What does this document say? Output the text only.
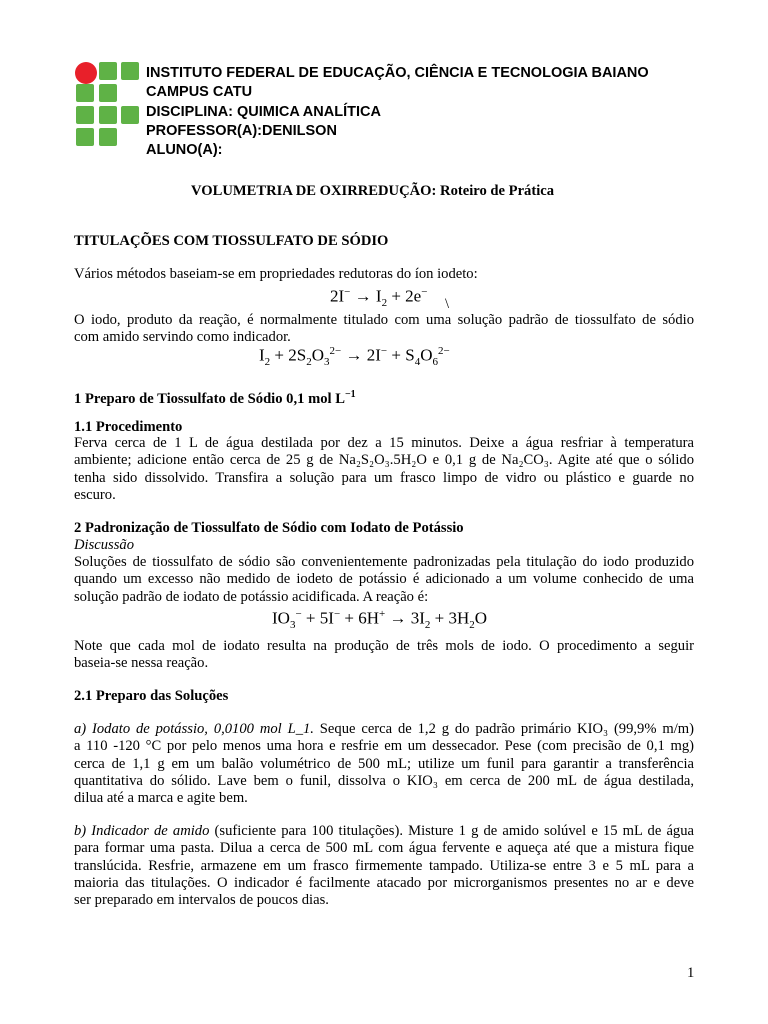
INSTITUTO FEDERAL DE EDUCAÇÃO, CIÊNCIA E TECNOLOGIA BAIANO
CAMPUS CATU
DISCIPLINA: QUIMICA ANALÍTICA
PROFESSOR(A):DENILSON
ALUNO(A):
VOLUMETRIA DE OXIRREDUÇÃO: Roteiro de Prática
TITULAÇÕES COM TIOSSULFATO DE SÓDIO
Vários métodos baseiam-se em propriedades redutoras do íon iodeto:
$2I^- \to I_2 + 2e^-$
\
O iodo, produto da reação, é normalmente titulado com uma solução padrão de tiossulfato de sódio
com amido servindo como indicador.
$I_2 + 2S_2O_3^{2-} \to 2I^- + S_4O_6^{2-}$
1 Preparo de Tiossulfato de Sódio 0,1 mol $L^{-1}$
1.1 Procedimento
Ferva cerca de 1 L de água destilada por dez a 15 minutos. Deixe a água resfriar à temperatura
ambiente; adicione então cerca de 25 g de Na₂S₂O₃.5H₂O e 0,1 g de Na₂CO₃. Agite até que o sólido
tenha sido dissolvido. Transfira a solução para um frasco limpo de vidro ou plástico e guarde no
escuro.
2 Padronização de Tiossulfato de Sódio com Iodato de Potássio
Discussão
Soluções de tiossulfato de sódio são convenientemente padronizadas pela titulação do iodo produzido
quando um excesso não medido de iodeto de potássio é adicionado a um volume conhecido de uma
solução padrão de iodato de potássio acidificada. A reação é:
$IO_3^- + 5I^- + 6H^+ \to 3I_2 + 3H_2O$
Note que cada mol de iodato resulta na produção de três mols de iodo. O procedimento a seguir
baseia-se nessa reação.
2.1 Preparo das Soluções
a) Iodato de potássio, 0,0100 mol L_1. Seque cerca de 1,2 g do padrão primário KIO₃ (99,9% m/m)
a 110 -120 °C por pelo menos uma hora e resfrie em um dessecador. Pese (com precisão de 0,1 mg)
cerca de 1,1 g em um balão volumétrico de 500 mL; utilize um funil para garantir a transferência
quantitativa do sólido. Lave bem o funil, dissolva o KIO₃ em cerca de 200 mL de água destilada,
dilua até a marca e agite bem.
b) Indicador de amido (suficiente para 100 titulações). Misture 1 g de amido solúvel e 15 mL de água
para formar uma pasta. Dilua a cerca de 500 mL com água fervente e aqueça até que a mistura fique
translúcida. Resfrie, armazene em um frasco firmemente tampado. Utiliza-se entre 3 e 5 mL para a
maioria das titulações. O indicador é facilmente atacado por microrganismos presentes no ar e deve
ser preparado em intervalos de poucos dias.
1
